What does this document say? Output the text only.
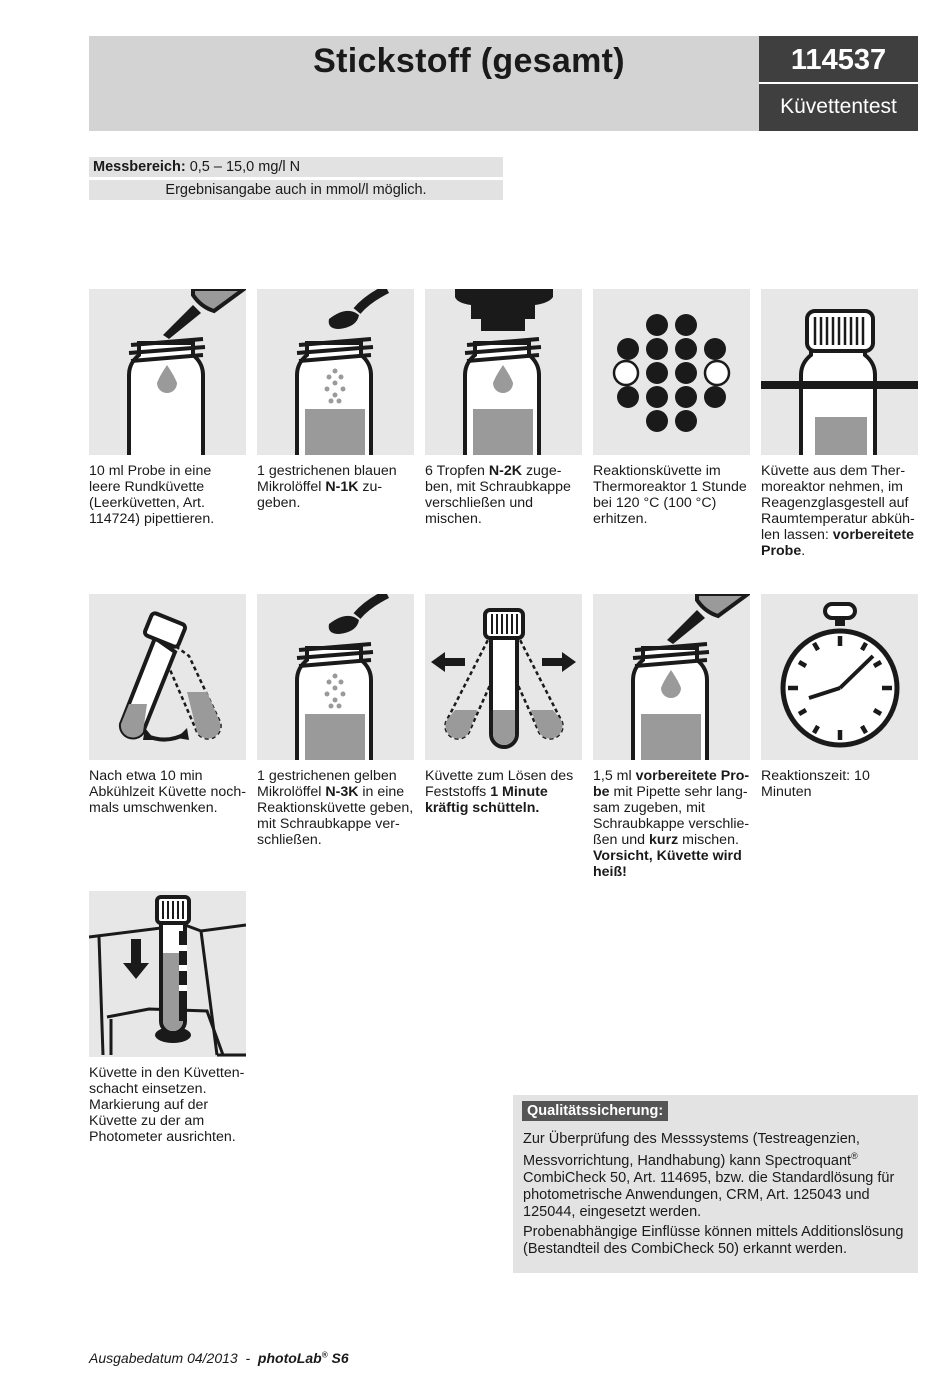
Stickstoff (gesamt)	114537
Küvettentest
Messbereich: 0,5 – 15,0 mg/l N
Ergebnisangabe auch in mmol/l möglich.
10 ml Probe in eine leere Rundküvette (Leerküvetten, Art. 114724) pipettieren.
1 gestrichenen blauen Mikrolöffel N-1K zugeben.
6 Tropfen N-2K zugeben, mit Schraubkappe verschließen und mischen.
Reaktionsküvette im Thermoreaktor 1 Stunde bei 120 °C (100 °C) erhitzen.
Küvette aus dem Thermoreaktor nehmen, im Reagenzglasgestell auf Raumtemperatur abkühlen lassen: vorbereitete Probe.
Nach etwa 10 min Abkühlzeit Küvette nochmals umschwenken.
1 gestrichenen gelben Mikrolöffel N-3K in eine Reaktionsküvette geben, mit Schraubkappe verschließen.
Küvette zum Lösen des Feststoffs 1 Minute kräftig schütteln.
1,5 ml vorbereitete Probe mit Pipette sehr langsam zugeben, mit Schraubkappe verschließen und kurz mischen. Vorsicht, Küvette wird heiß!
Reaktionszeit: 10 Minuten
Küvette in den Küvettenschacht einsetzen. Markierung auf der Küvette zu der am Photometer ausrichten.
Qualitätssicherung:
Zur Überprüfung des Messsystems (Testreagenzien, Messvorrichtung, Handhabung) kann Spectroquant® CombiCheck 50, Art. 114695, bzw. die Standardlösung für photometrische Anwendungen, CRM, Art. 125043 und 125044, eingesetzt werden.
Probenabhängige Einflüsse können mittels Additionslösung (Bestandteil des CombiCheck 50) erkannt werden.
Ausgabedatum 04/2013  -  photoLab® S6
